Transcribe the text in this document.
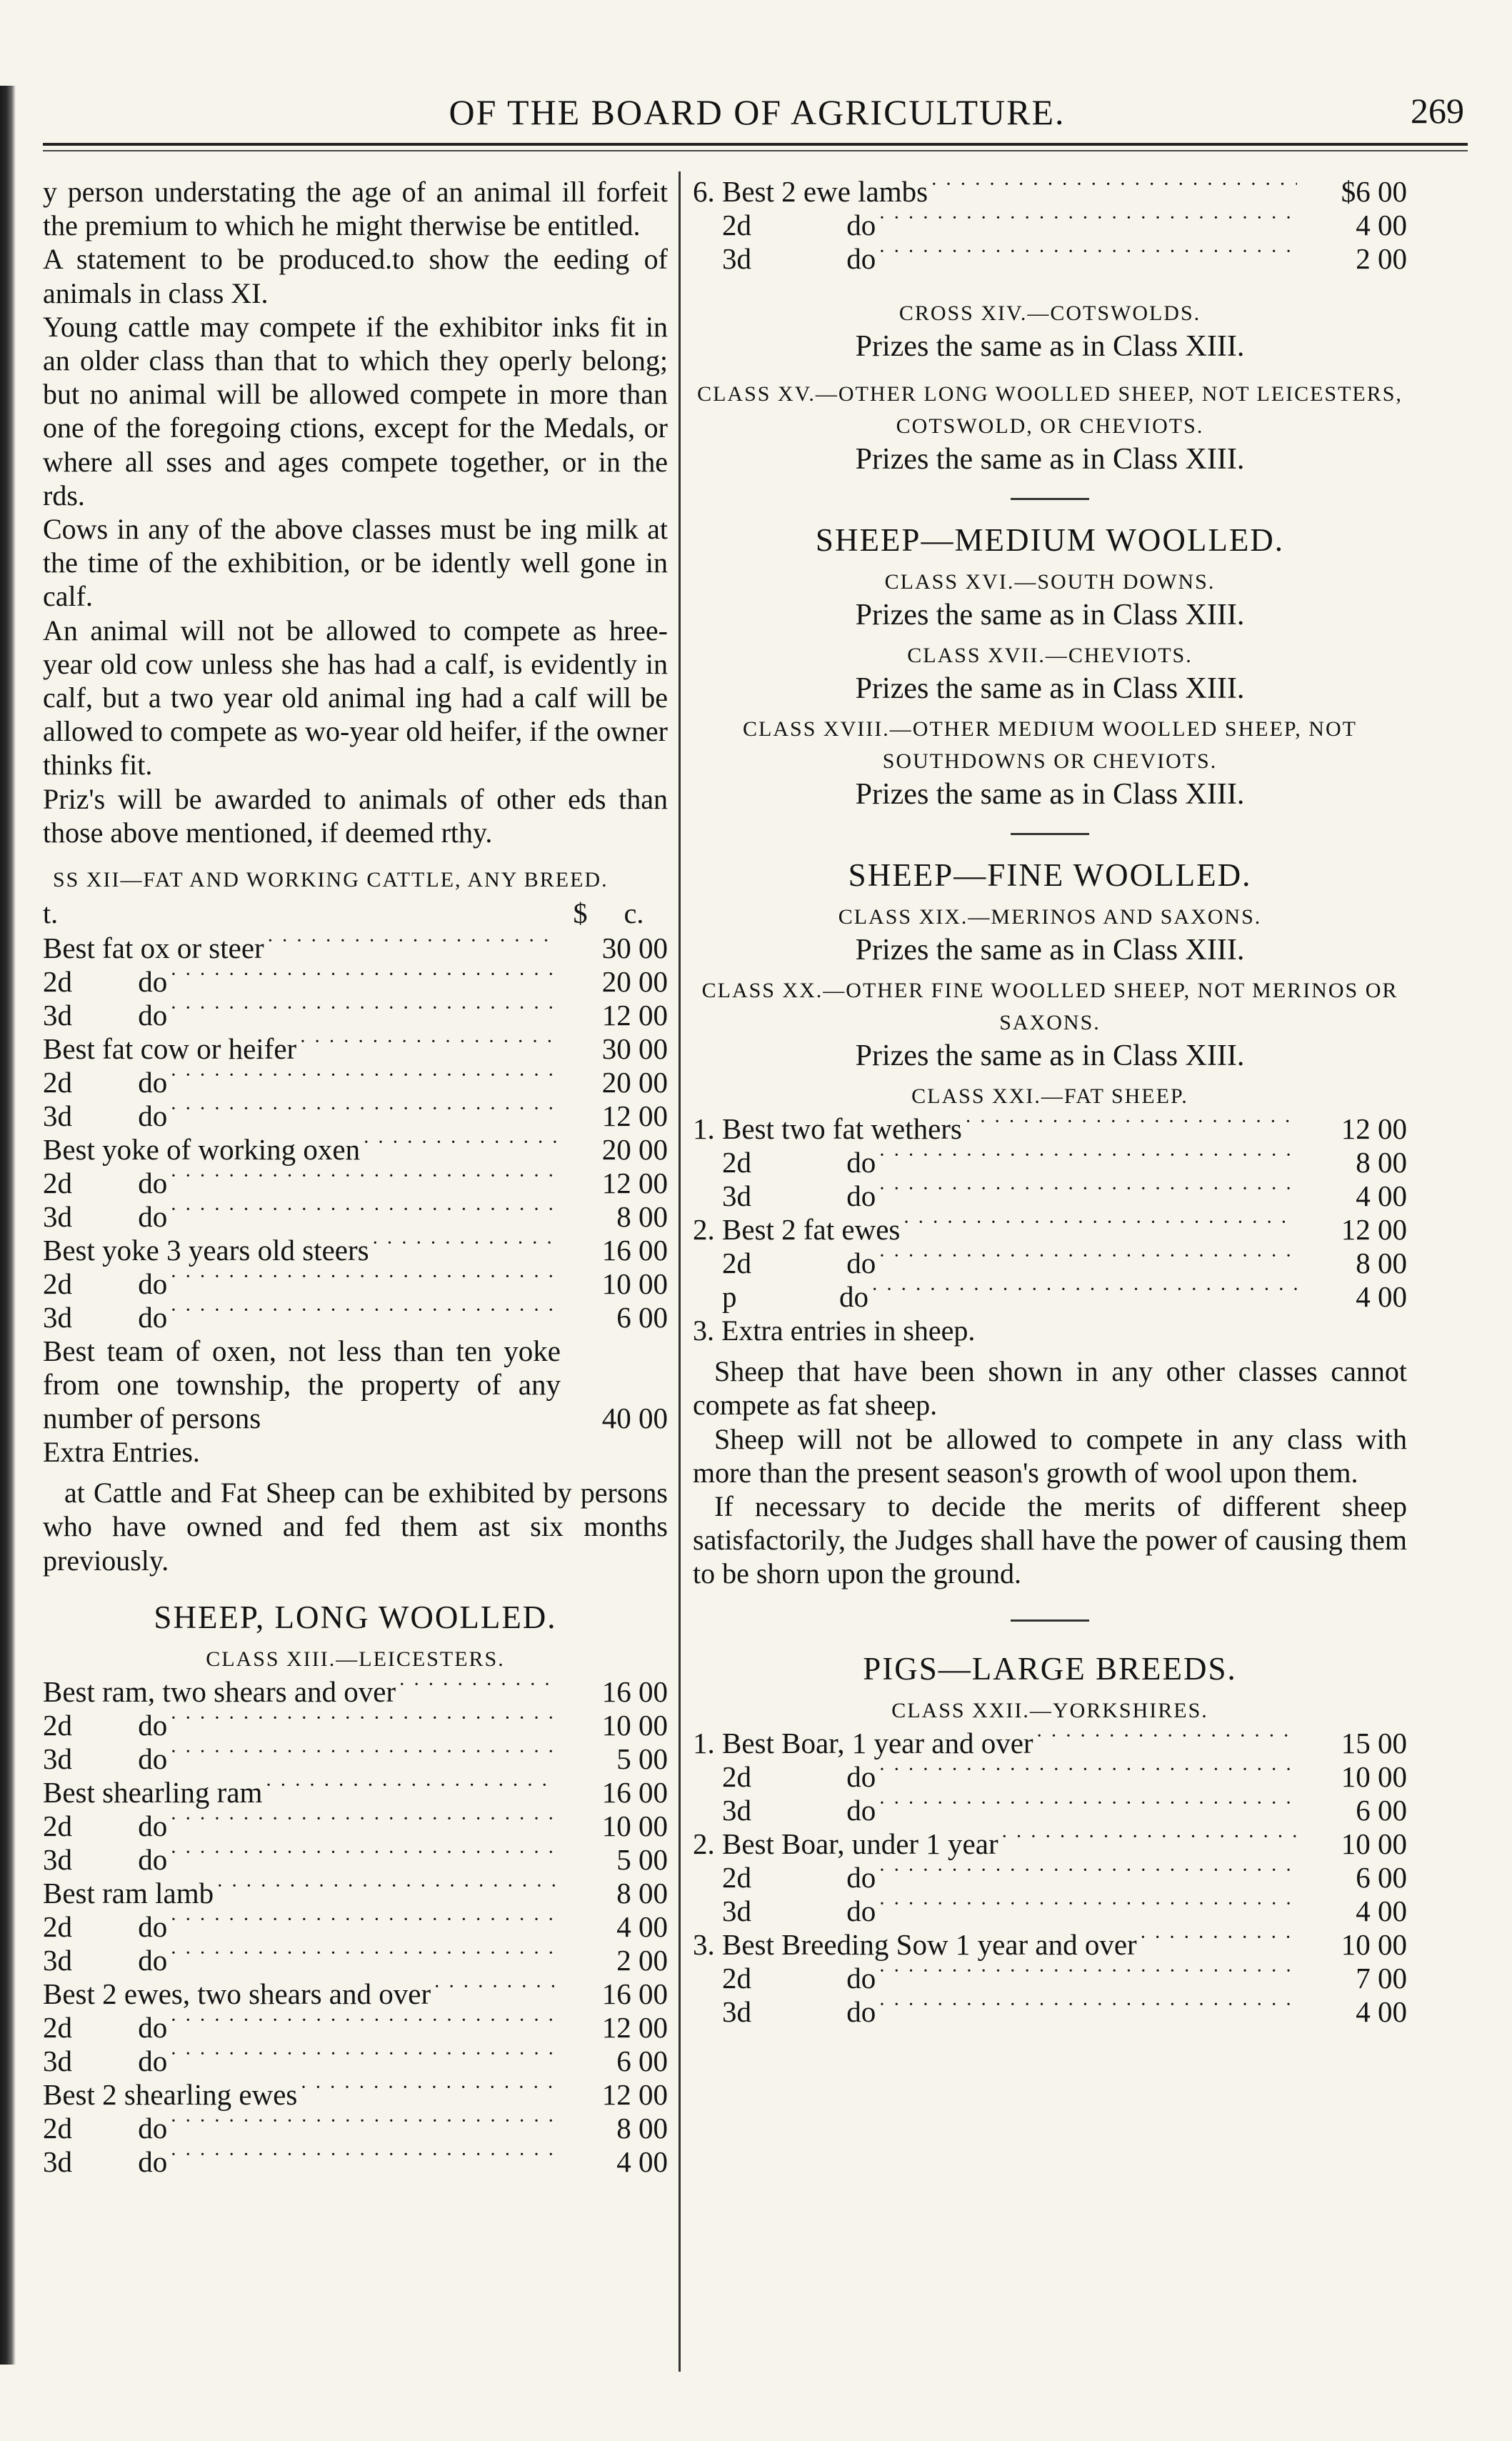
OF THE BOARD OF AGRICULTURE.	269

y person understating the age of an animal ill forfeit the premium to which he might therwise be entitled.

A statement to be produced.to show the eeding of animals in class XI.

Young cattle may compete if the exhibitor inks fit in an older class than that to which they operly belong; but no animal will be allowed compete in more than one of the foregoing ctions, except for the Medals, or where all sses and ages compete together, or in the rds.

Cows in any of the above classes must be ing milk at the time of the exhibition, or be idently well gone in calf.

An animal will not be allowed to compete as hree-year old cow unless she has had a calf, is evidently in calf, but a two year old animal ing had a calf will be allowed to compete as wo-year old heifer, if the owner thinks fit.

Priz's will be awarded to animals of other eds than those above mentioned, if deemed rthy.

SS XII—FAT AND WORKING CATTLE, ANY BREED.

t.	$ c.
Best fat ox or steer · · ·	30 00
2d         do · · ·	20 00
3d         do · · ·	12 00
Best fat cow or heifer · · ·	30 00
2d         do · · ·	20 00
3d         do · · ·	12 00
Best yoke of working oxen · · ·	20 00
2d         do · · ·	12 00
3d         do · · ·	8 00
Best yoke 3 years old steers · · ·	16 00
2d         do · · ·	10 00
3d         do · · ·	6 00
Best team of oxen, not less than ten yoke from one township, the property of any number of persons	40 00
Extra Entries.

at Cattle and Fat Sheep can be exhibited by persons who have owned and fed them ast six months previously.

SHEEP, LONG WOOLLED.

CLASS XIII.—LEICESTERS.

Best ram, two shears and over · · ·	16 00
2d         do · · ·	10 00
3d         do · · ·	5 00
Best shearling ram · · ·	16 00
2d         do · · ·	10 00
3d         do · · ·	5 00
Best ram lamb · · ·	8 00
2d         do · · ·	4 00
3d         do · · ·	2 00
Best 2 ewes, two shears and over · · ·	16 00
2d         do · · ·	12 00
3d         do · · ·	6 00
Best 2 shearling ewes · · ·	12 00
2d         do · · ·	8 00
3d         do · · ·	4 00
6. Best 2 ewe lambs · · ·	$6 00
2d             do · · ·	4 00
3d             do · · ·	2 00

CROSS XIV.—COTSWOLDS.

Prizes the same as in Class XIII.

CLASS XV.—OTHER LONG WOOLLED SHEEP, NOT LEICESTERS, COTSWOLD, OR CHEVIOTS.

Prizes the same as in Class XIII.

SHEEP—MEDIUM WOOLLED.

CLASS XVI.—SOUTH DOWNS.

Prizes the same as in Class XIII.

CLASS XVII.—CHEVIOTS.

Prizes the same as in Class XIII.

CLASS XVIII.—OTHER MEDIUM WOOLLED SHEEP, NOT SOUTHDOWNS OR CHEVIOTS.

Prizes the same as in Class XIII.

SHEEP—FINE WOOLLED.

CLASS XIX.—MERINOS AND SAXONS.

Prizes the same as in Class XIII.

CLASS XX.—OTHER FINE WOOLLED SHEEP, NOT MERINOS OR SAXONS.

Prizes the same as in Class XIII.

CLASS XXI.—FAT SHEEP.

1. Best two fat wethers · · ·	12 00
2d             do · · ·	8 00
3d             do · · ·	4 00
2. Best 2 fat ewes · · ·	12 00
2d             do · · ·	8 00
p              do · · ·	4 00
3. Extra entries in sheep.

Sheep that have been shown in any other classes cannot compete as fat sheep.

Sheep will not be allowed to compete in any class with more than the present season's growth of wool upon them.

If necessary to decide the merits of different sheep satisfactorily, the Judges shall have the power of causing them to be shorn upon the ground.

PIGS—LARGE BREEDS.

CLASS XXII.—YORKSHIRES.

1. Best Boar, 1 year and over · · ·	15 00
2d             do · · ·	10 00
3d             do · · ·	6 00
2. Best Boar, under 1 year · · ·	10 00
2d             do · · ·	6 00
3d             do · · ·	4 00
3. Best Breeding Sow 1 year and over · · ·	10 00
2d             do · · ·	7 00
3d             do · · ·	4 00
